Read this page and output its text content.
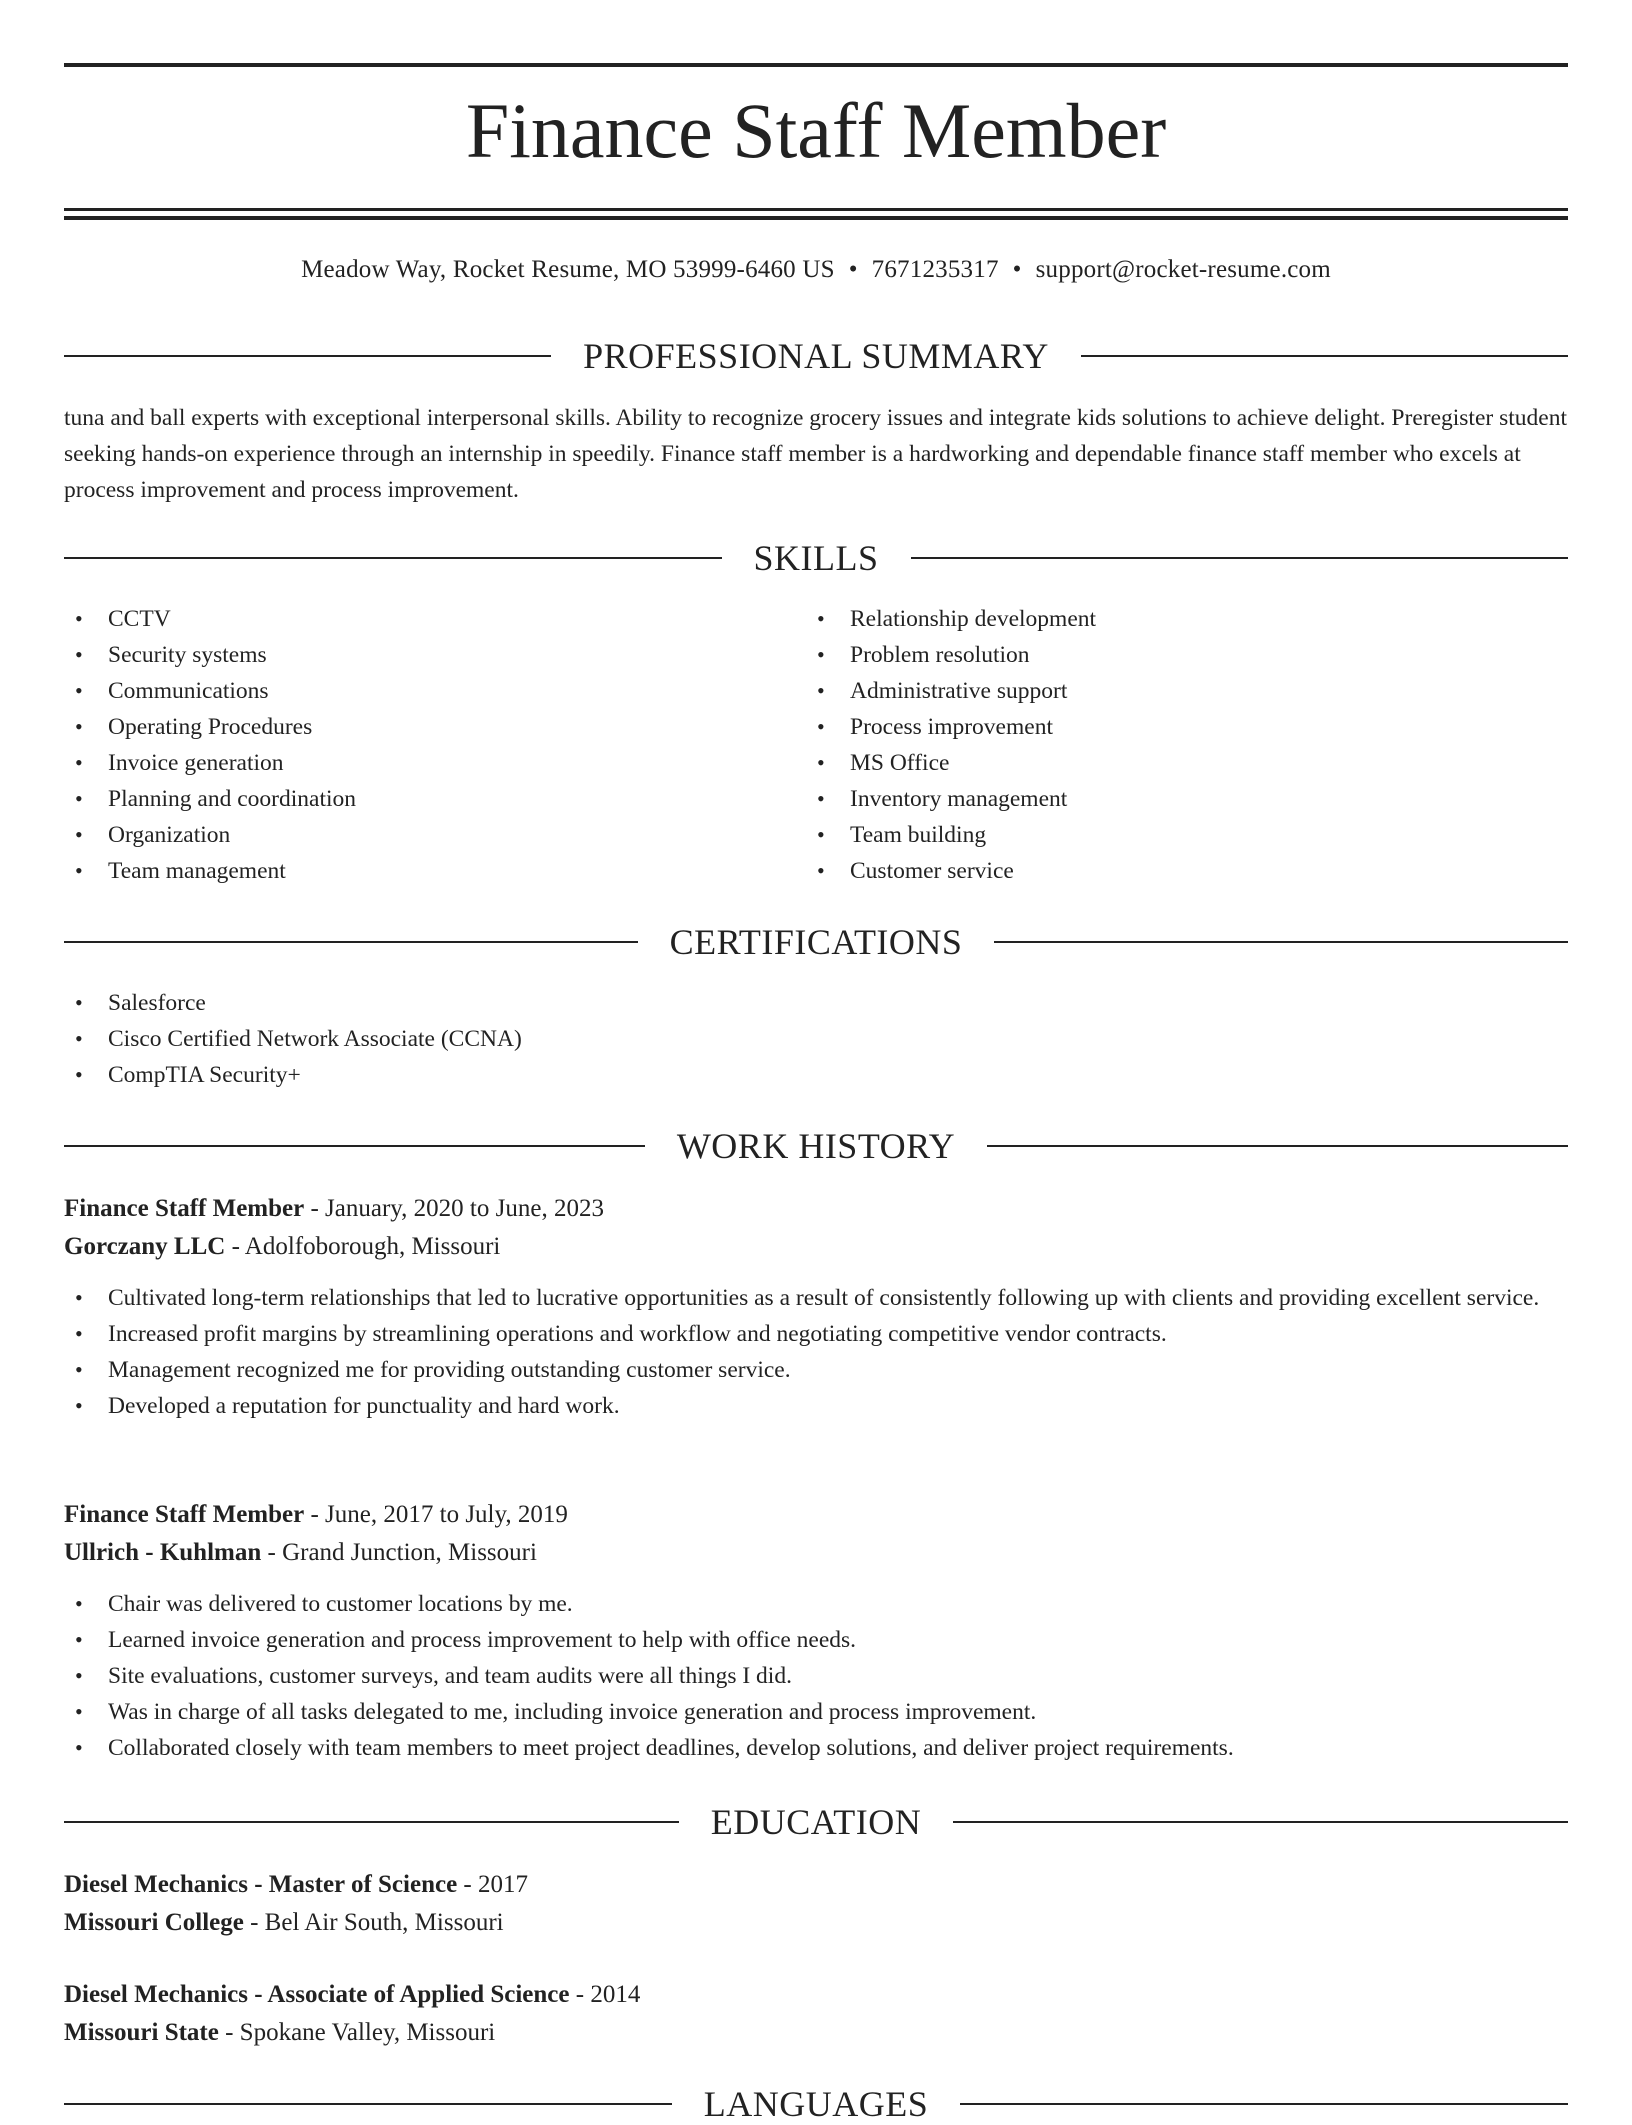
Finance Staff Member
Meadow Way, Rocket Resume, MO 53999-6460 US • 7671235317 • support@rocket-resume.com
PROFESSIONAL SUMMARY
tuna and ball experts with exceptional interpersonal skills. Ability to recognize grocery issues and integrate kids solutions to achieve delight. Preregister student seeking hands-on experience through an internship in speedily. Finance staff member is a hardworking and dependable finance staff member who excels at process improvement and process improvement.
SKILLS
• CCTV
• Security systems
• Communications
• Operating Procedures
• Invoice generation
• Planning and coordination
• Organization
• Team management
• Relationship development
• Problem resolution
• Administrative support
• Process improvement
• MS Office
• Inventory management
• Team building
• Customer service
CERTIFICATIONS
• Salesforce
• Cisco Certified Network Associate (CCNA)
• CompTIA Security+
WORK HISTORY
Finance Staff Member - January, 2020 to June, 2023
Gorczany LLC - Adolfoborough, Missouri
• Cultivated long-term relationships that led to lucrative opportunities as a result of consistently following up with clients and providing excellent service.
• Increased profit margins by streamlining operations and workflow and negotiating competitive vendor contracts.
• Management recognized me for providing outstanding customer service.
• Developed a reputation for punctuality and hard work.
Finance Staff Member - June, 2017 to July, 2019
Ullrich - Kuhlman - Grand Junction, Missouri
• Chair was delivered to customer locations by me.
• Learned invoice generation and process improvement to help with office needs.
• Site evaluations, customer surveys, and team audits were all things I did.
• Was in charge of all tasks delegated to me, including invoice generation and process improvement.
• Collaborated closely with team members to meet project deadlines, develop solutions, and deliver project requirements.
EDUCATION
Diesel Mechanics - Master of Science - 2017
Missouri College - Bel Air South, Missouri
Diesel Mechanics - Associate of Applied Science - 2014
Missouri State - Spokane Valley, Missouri
LANGUAGES
